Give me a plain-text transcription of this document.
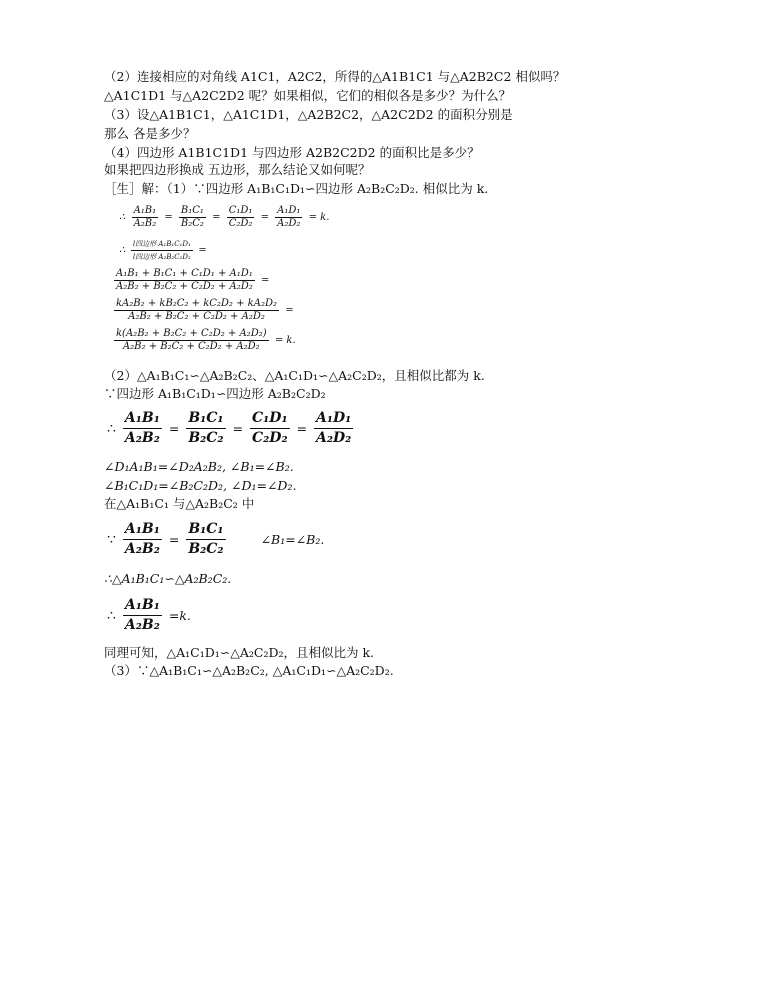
（2）连接相应的对角线 A1C1，A2C2，所得的△A1B1C1 与△A2B2C2 相似吗？
△A1C1D1 与△A2C2D2 呢？如果相似，它们的相似各是多少？为什么？
（3）设△A1B1C1，△A1C1D1，△A2B2C2，△A2C2D2 的面积分别是
那么 各是多少？
（4）四边形 A1B1C1D1 与四边形 A2B2C2D2 的面积比是多少？
如果把四边形换成 五边形，那么结论又如何呢？
［生］解：（1）∵四边形 A₁B₁C₁D₁∽四边形 A₂B₂C₂D₂. 相似比为 k.
∴ $\frac{\text{A₁B₁}}{\text{A₂B₂}} = \frac{\text{B₁C₁}}{\text{B₂C₂}} = \frac{\text{C₁D₁}}{\text{C₂D₂}} = \frac{\text{A₁D₁}}{\text{A₂D₂}} = k$.
∴ $\frac{\text{l四边形 A₁B₁C₁D₁}}{\text{l四边形 A₂B₂C₂D₂}}$ =
$\frac{\text{A₁B₁ + B₁C₁ + C₁D₁ + A₁D₁}}{\text{A₂B₂ + B₂C₂ + C₂D₂ + A₂D₂}}$ =
$\frac{\text{kA₂B₂ + kB₂C₂ + kC₂D₂ + kA₂D₂}}{\text{A₂B₂ + B₂C₂ + C₂D₂ + A₂D₂}}$ =
$\frac{\text{k(A₂B₂ + B₂C₂ + C₂D₂ + A₂D₂)}}{\text{A₂B₂ + B₂C₂ + C₂D₂ + A₂D₂}} = k$.
（2）△A₁B₁C₁∽△A₂B₂C₂、△A₁C₁D₁∽△A₂C₂D₂，且相似比都为 k.
∵四边形 A₁B₁C₁D₁∽四边形 A₂B₂C₂D₂
∴ $\frac{\text{A₁B₁}}{\text{A₂B₂}} = \frac{\text{B₁C₁}}{\text{B₂C₂}} = \frac{\text{C₁D₁}}{\text{C₂D₂}} = \frac{\text{A₁D₁}}{\text{A₂D₂}}$
∠D₁A₁B₁=∠D₂A₂B₂, ∠B₁=∠B₂.
∠B₁C₁D₁=∠B₂C₂D₂, ∠D₁=∠D₂.
在△A₁B₁C₁ 与△A₂B₂C₂ 中
∵ $\frac{\text{A₁B₁}}{\text{A₂B₂}} = \frac{\text{B₁C₁}}{\text{B₂C₂}}$	∠B₁=∠B₂.
∴△A₁B₁C₁∽△A₂B₂C₂.
∴ $\frac{\text{A₁B₁}}{\text{A₂B₂}} =k$.
同理可知，△A₁C₁D₁∽△A₂C₂D₂，且相似比为 k.
（3）∵△A₁B₁C₁∽△A₂B₂C₂, △A₁C₁D₁∽△A₂C₂D₂.
